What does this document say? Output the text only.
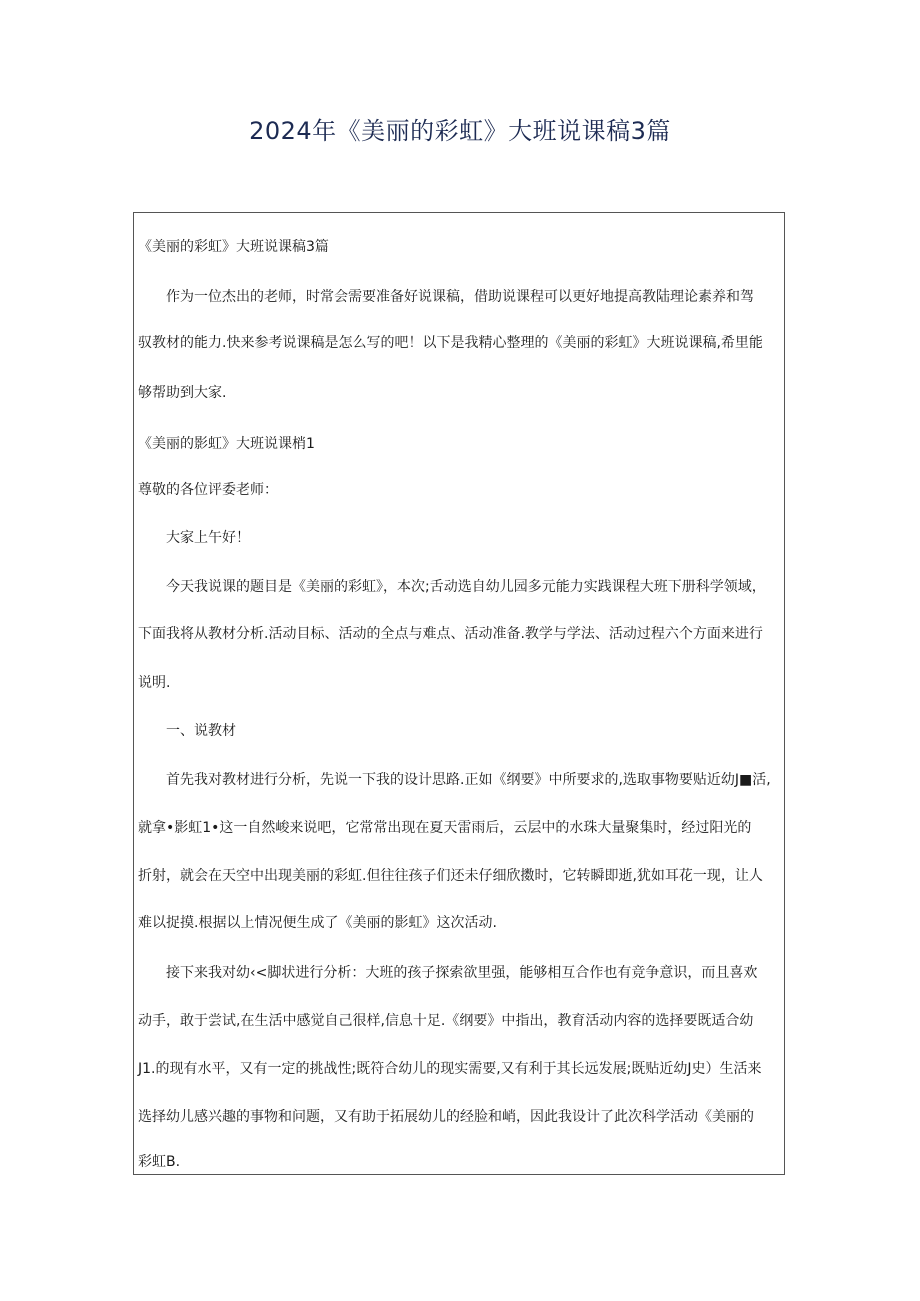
2024年《美丽的彩虹》大班说课稿3篇

《美丽的彩虹》大班说课稿3篇

作为一位杰出的老师，时常会需要准备好说课稿，借助说课程可以更好地提高教陆理论素养和驾

驭教材的能力.快来参考说课稿是怎么写的吧！以下是我精心整理的《美丽的彩虹》大班说课稿,希里能

够帮助到大家.

《美丽的影虹》大班说课梢1

尊敬的各位评委老师：

大家上午好！

今天我说课的题目是《美丽的彩虹》，本次;舌动选自幼儿园多元能力实践课程大班下册科学领域，

下面我将从教材分析.活动目标、活动的全点与难点、活动准备.教学与学法、活动过程六个方面来进行

说明.

一、说教材

首先我对教材进行分析，先说一下我的设计思路.正如《纲要》中所要求的,选取事物要贴近幼J■活,

就拿•影虹1•这一自然峻来说吧，它常常出现在夏天雷雨后，云层中的水珠大量聚集时，经过阳光的

折射，就会在天空中出现美丽的彩虹.但往往孩子们还未仔细欣擞时，它转瞬即逝,犹如耳花一现，让人

难以捉摸.根据以上情况便生成了《美丽的影虹》这次活动.

接下来我对幼‹<脚状进行分析：大班的孩子探索欲里强，能够相互合作也有竞争意识，而且喜欢

动手，敢于尝试,在生活中感觉自己很样,信息十足.《纲要》中指出，教育活动内容的选择要既适合幼

J1.的现有水平，又有一定的挑战性;既符合幼儿的现实需要,又有利于其长远发展;既贴近幼J史）生活来

选择幼儿感兴趣的事物和问题，又有助于拓展幼儿的经脸和峭，因此我设计了此次科学活动《美丽的

彩虹B.
